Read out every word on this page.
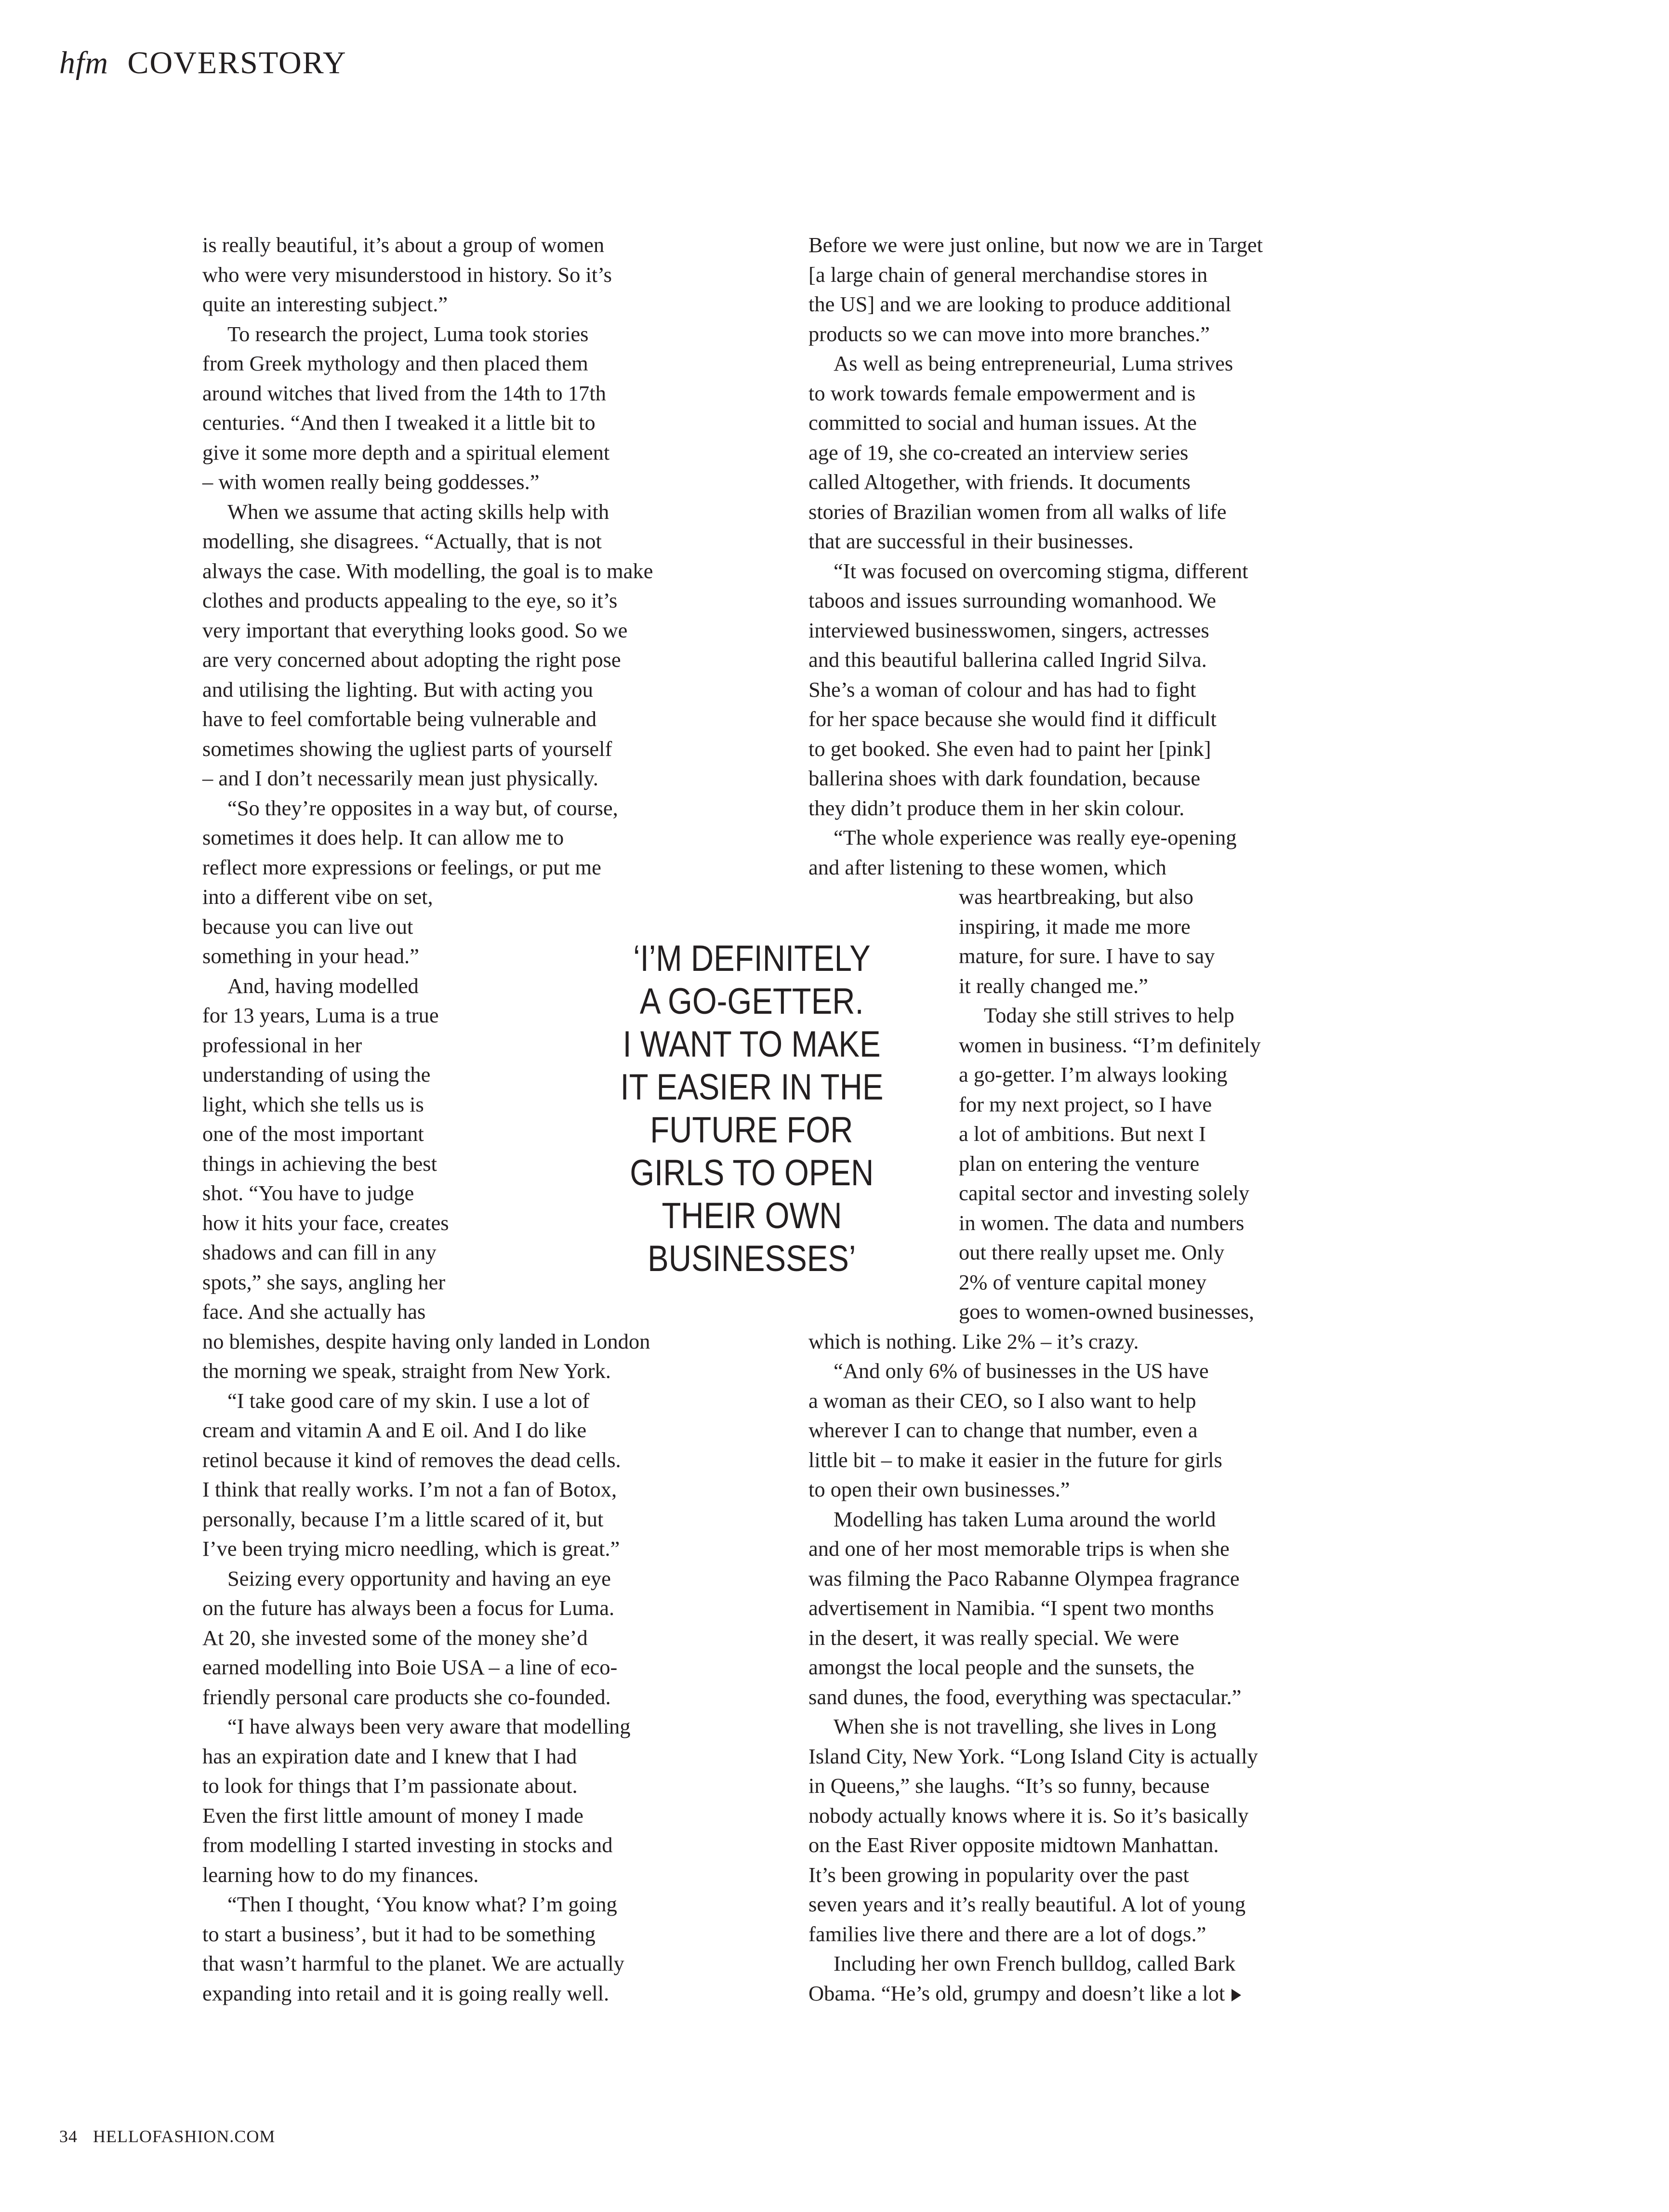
hfm COVERSTORY
is really beautiful, it’s about a group of women
who were very misunderstood in history. So it’s
quite an interesting subject.”
To research the project, Luma took stories
from Greek mythology and then placed them
around witches that lived from the 14th to 17th
centuries. “And then I tweaked it a little bit to
give it some more depth and a spiritual element
– with women really being goddesses.”
When we assume that acting skills help with
modelling, she disagrees. “Actually, that is not
always the case. With modelling, the goal is to make
clothes and products appealing to the eye, so it’s
very important that everything looks good. So we
are very concerned about adopting the right pose
and utilising the lighting. But with acting you
have to feel comfortable being vulnerable and
sometimes showing the ugliest parts of yourself
– and I don’t necessarily mean just physically.
“So they’re opposites in a way but, of course,
sometimes it does help. It can allow me to
reflect more expressions or feelings, or put me
into a different vibe on set,
because you can live out
something in your head.”
And, having modelled
for 13 years, Luma is a true
professional in her
understanding of using the
light, which she tells us is
one of the most important
things in achieving the best
shot. “You have to judge
how it hits your face, creates
shadows and can fill in any
spots,” she says, angling her
face. And she actually has
no blemishes, despite having only landed in London
the morning we speak, straight from New York.
“I take good care of my skin. I use a lot of
cream and vitamin A and E oil. And I do like
retinol because it kind of removes the dead cells.
I think that really works. I’m not a fan of Botox,
personally, because I’m a little scared of it, but
I’ve been trying micro needling, which is great.”
Seizing every opportunity and having an eye
on the future has always been a focus for Luma.
At 20, she invested some of the money she’d
earned modelling into Boie USA – a line of eco-
friendly personal care products she co-founded.
“I have always been very aware that modelling
has an expiration date and I knew that I had
to look for things that I’m passionate about.
Even the first little amount of money I made
from modelling I started investing in stocks and
learning how to do my finances.
“Then I thought, ‘You know what? I’m going
to start a business’, but it had to be something
that wasn’t harmful to the planet. We are actually
expanding into retail and it is going really well.
Before we were just online, but now we are in Target
[a large chain of general merchandise stores in
the US] and we are looking to produce additional
products so we can move into more branches.”
As well as being entrepreneurial, Luma strives
to work towards female empowerment and is
committed to social and human issues. At the
age of 19, she co-created an interview series
called Altogether, with friends. It documents
stories of Brazilian women from all walks of life
that are successful in their businesses.
“It was focused on overcoming stigma, different
taboos and issues surrounding womanhood. We
interviewed businesswomen, singers, actresses
and this beautiful ballerina called Ingrid Silva.
She’s a woman of colour and has had to fight
for her space because she would find it difficult
to get booked. She even had to paint her [pink]
ballerina shoes with dark foundation, because
they didn’t produce them in her skin colour.
“The whole experience was really eye-opening
and after listening to these women, which
was heartbreaking, but also
inspiring, it made me more
mature, for sure. I have to say
it really changed me.”
Today she still strives to help
women in business. “I’m definitely
a go-getter. I’m always looking
for my next project, so I have
a lot of ambitions. But next I
plan on entering the venture
capital sector and investing solely
in women. The data and numbers
out there really upset me. Only
2% of venture capital money
goes to women-owned businesses,
which is nothing. Like 2% – it’s crazy.
“And only 6% of businesses in the US have
a woman as their CEO, so I also want to help
wherever I can to change that number, even a
little bit – to make it easier in the future for girls
to open their own businesses.”
Modelling has taken Luma around the world
and one of her most memorable trips is when she
was filming the Paco Rabanne Olympea fragrance
advertisement in Namibia. “I spent two months
in the desert, it was really special. We were
amongst the local people and the sunsets, the
sand dunes, the food, everything was spectacular.”
When she is not travelling, she lives in Long
Island City, New York. “Long Island City is actually
in Queens,” she laughs. “It’s so funny, because
nobody actually knows where it is. So it’s basically
on the East River opposite midtown Manhattan.
It’s been growing in popularity over the past
seven years and it’s really beautiful. A lot of young
families live there and there are a lot of dogs.”
Including her own French bulldog, called Bark
Obama. “He’s old, grumpy and doesn’t like a lot
‘I’M DEFINITELY
A GO-GETTER.
I WANT TO MAKE
IT EASIER IN THE
FUTURE FOR
GIRLS TO OPEN
THEIR OWN
BUSINESSES’
34 HELLOFASHION.COM
